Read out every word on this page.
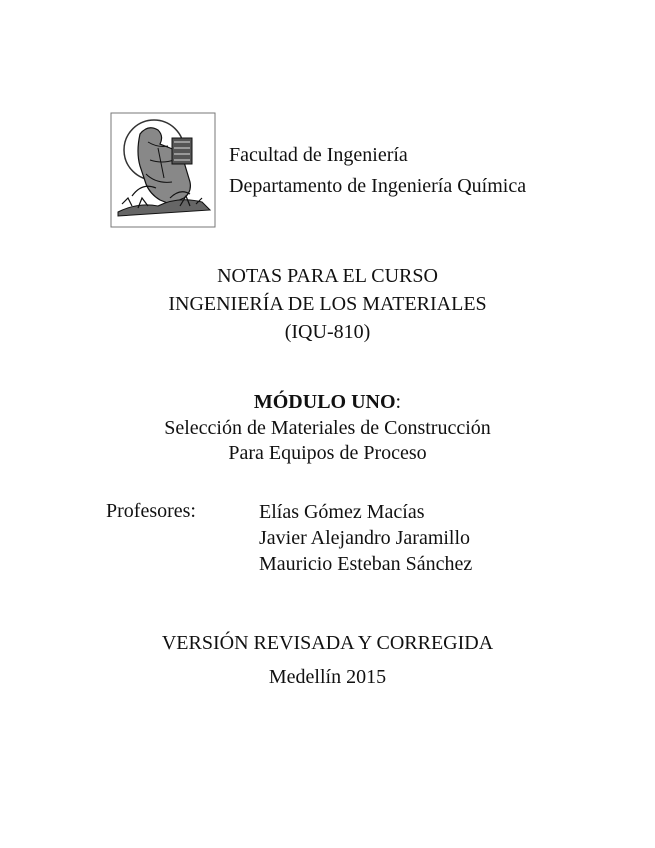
Facultad de Ingeniería
Departamento de Ingeniería Química
NOTAS PARA EL CURSO
INGENIERÍA DE LOS MATERIALES
(IQU-810)
MÓDULO UNO:
Selección de Materiales de Construcción
Para Equipos de Proceso
Profesores:	Elías Gómez Macías
Javier Alejandro Jaramillo
Mauricio Esteban Sánchez
VERSIÓN REVISADA Y CORREGIDA
Medellín 2015
